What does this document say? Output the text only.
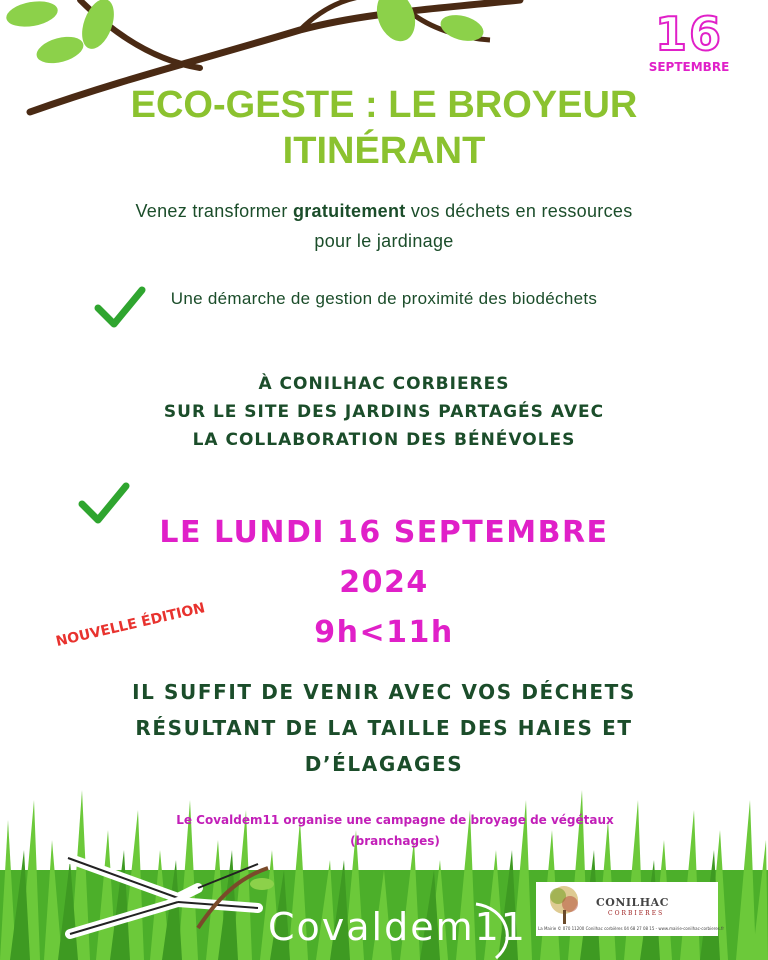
16
SEPTEMBRE
ECO-GESTE : LE BROYEUR
ITINÉRANT
Venez transformer gratuitement vos déchets en ressources pour le jardinage
Une démarche de gestion de proximité des biodéchets
À CONILHAC CORBIERES
SUR LE SITE DES JARDINS PARTAGÉS AVEC
LA COLLABORATION DES BÉNÉVOLES
LE LUNDI 16 SEPTEMBRE
2024
9h<11h
NOUVELLE ÉDITION
IL SUFFIT DE VENIR AVEC VOS DÉCHETS
RÉSULTANT DE LA TAILLE DES HAIES ET
D’ÉLAGAGES
Le Covaldem11 organise une campagne de broyage de végétaux (branchages)
Covaldem11
CONILHAC
CORBIERES
La Mairie © 070 11200 Conilhac corbières 04 68 27 08 15 - www.mairie-conilhac-corbieres.fr
